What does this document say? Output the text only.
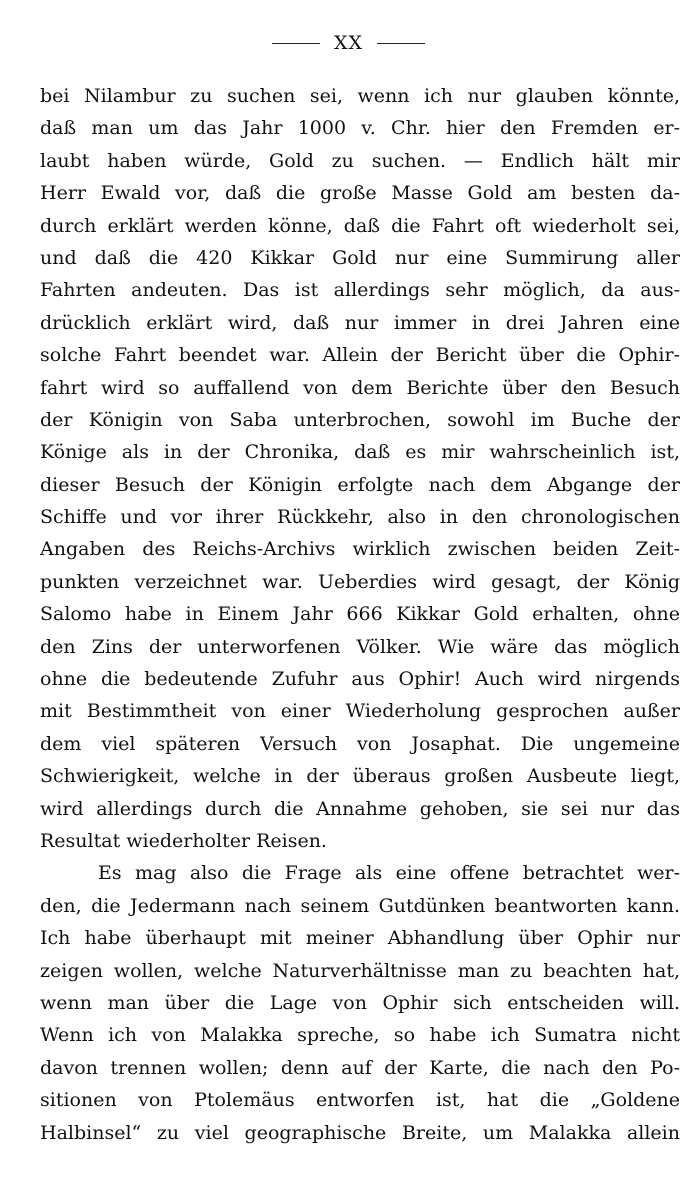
XX
bei Nilambur zu suchen sei, wenn ich nur glauben könnte,
daß man um das Jahr 1000 v. Chr. hier den Fremden er-
laubt haben würde, Gold zu suchen. — Endlich hält mir
Herr Ewald vor, daß die große Masse Gold am besten da-
durch erklärt werden könne, daß die Fahrt oft wiederholt sei,
und daß die 420 Kikkar Gold nur eine Summirung aller
Fahrten andeuten. Das ist allerdings sehr möglich, da aus-
drücklich erklärt wird, daß nur immer in drei Jahren eine
solche Fahrt beendet war. Allein der Bericht über die Ophir-
fahrt wird so auffallend von dem Berichte über den Besuch
der Königin von Saba unterbrochen, sowohl im Buche der
Könige als in der Chronika, daß es mir wahrscheinlich ist,
dieser Besuch der Königin erfolgte nach dem Abgange der
Schiffe und vor ihrer Rückkehr, also in den chronologischen
Angaben des Reichs-Archivs wirklich zwischen beiden Zeit-
punkten verzeichnet war. Ueberdies wird gesagt, der König
Salomo habe in Einem Jahr 666 Kikkar Gold erhalten, ohne
den Zins der unterworfenen Völker. Wie wäre das möglich
ohne die bedeutende Zufuhr aus Ophir! Auch wird nirgends
mit Bestimmtheit von einer Wiederholung gesprochen außer
dem viel späteren Versuch von Josaphat. Die ungemeine
Schwierigkeit, welche in der überaus großen Ausbeute liegt,
wird allerdings durch die Annahme gehoben, sie sei nur das
Resultat wiederholter Reisen.
Es mag also die Frage als eine offene betrachtet wer-
den, die Jedermann nach seinem Gutdünken beantworten kann.
Ich habe überhaupt mit meiner Abhandlung über Ophir nur
zeigen wollen, welche Naturverhältnisse man zu beachten hat,
wenn man über die Lage von Ophir sich entscheiden will.
Wenn ich von Malakka spreche, so habe ich Sumatra nicht
davon trennen wollen; denn auf der Karte, die nach den Po-
sitionen von Ptolemäus entworfen ist, hat die „Goldene
Halbinsel“ zu viel geographische Breite, um Malakka allein
